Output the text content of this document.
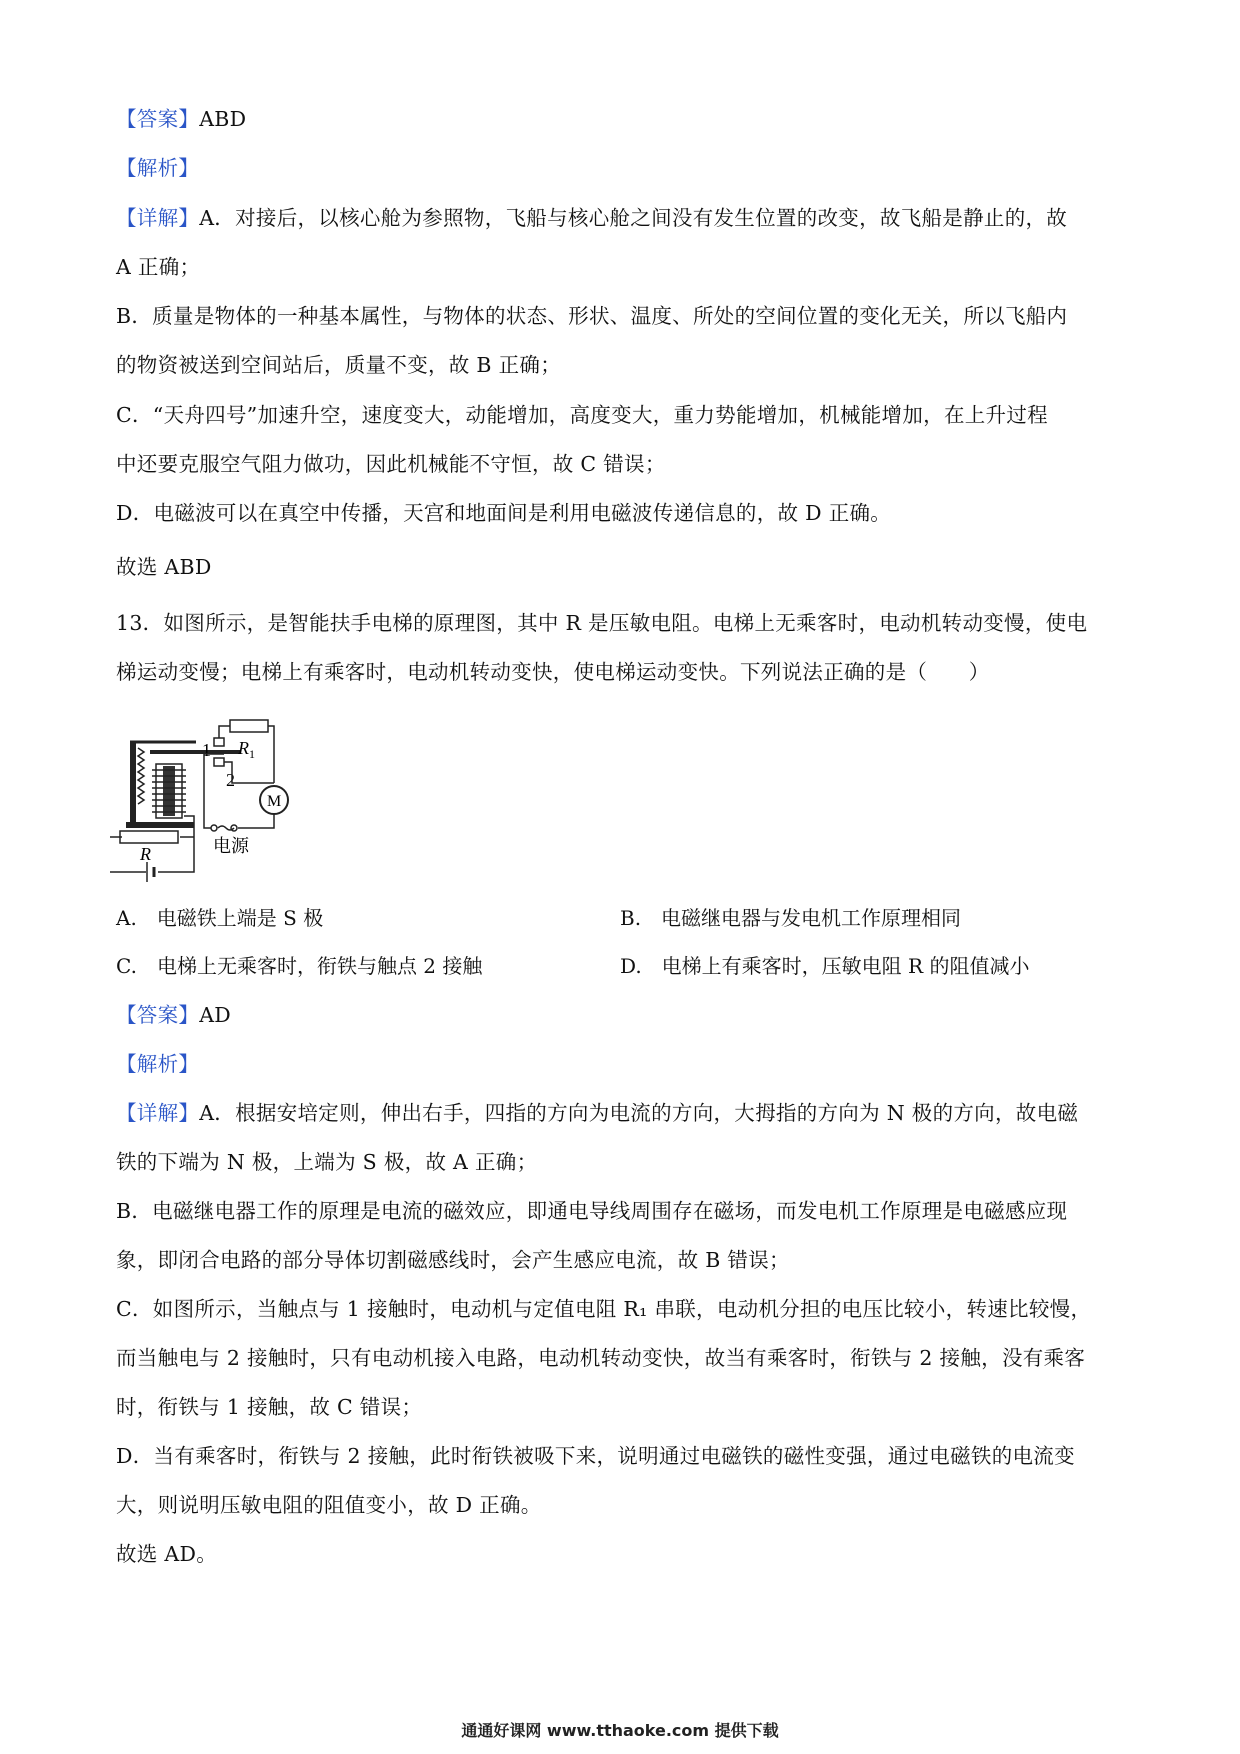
【答案】ABD
【解析】
【详解】A．对接后，以核心舱为参照物，飞船与核心舱之间没有发生位置的改变，故飞船是静止的，故
A 正确；
B．质量是物体的一种基本属性，与物体的状态、形状、温度、所处的空间位置的变化无关，所以飞船内
的物资被送到空间站后，质量不变，故 B 正确；
C．“天舟四号”加速升空，速度变大，动能增加，高度变大，重力势能增加，机械能增加，在上升过程
中还要克服空气阻力做功，因此机械能不守恒，故 C 错误；
D．电磁波可以在真空中传播，天宫和地面间是利用电磁波传递信息的，故 D 正确。
故选 ABD
13．如图所示，是智能扶手电梯的原理图，其中 R 是压敏电阻。电梯上无乘客时，电动机转动变慢，使电
梯运动变慢；电梯上有乘客时，电动机转动变快，使电梯运动变快。下列说法正确的是（　　）
1
2
$R_1$
M
电源
R
A.　电磁铁上端是 S 极	B.　电磁继电器与发电机工作原理相同
C.　电梯上无乘客时，衔铁与触点 2 接触	D.　电梯上有乘客时，压敏电阻 R 的阻值减小
【答案】AD
【解析】
【详解】A．根据安培定则，伸出右手，四指的方向为电流的方向，大拇指的方向为 N 极的方向，故电磁
铁的下端为 N 极，上端为 S 极，故 A 正确；
B．电磁继电器工作的原理是电流的磁效应，即通电导线周围存在磁场，而发电机工作原理是电磁感应现
象，即闭合电路的部分导体切割磁感线时，会产生感应电流，故 B 错误；
C．如图所示，当触点与 1 接触时，电动机与定值电阻 R₁ 串联，电动机分担的电压比较小，转速比较慢，
而当触电与 2 接触时，只有电动机接入电路，电动机转动变快，故当有乘客时，衔铁与 2 接触，没有乘客
时，衔铁与 1 接触，故 C 错误；
D．当有乘客时，衔铁与 2 接触，此时衔铁被吸下来，说明通过电磁铁的磁性变强，通过电磁铁的电流变
大，则说明压敏电阻的阻值变小，故 D 正确。
故选 AD。
通通好课网 www.tthaoke.com 提供下载
